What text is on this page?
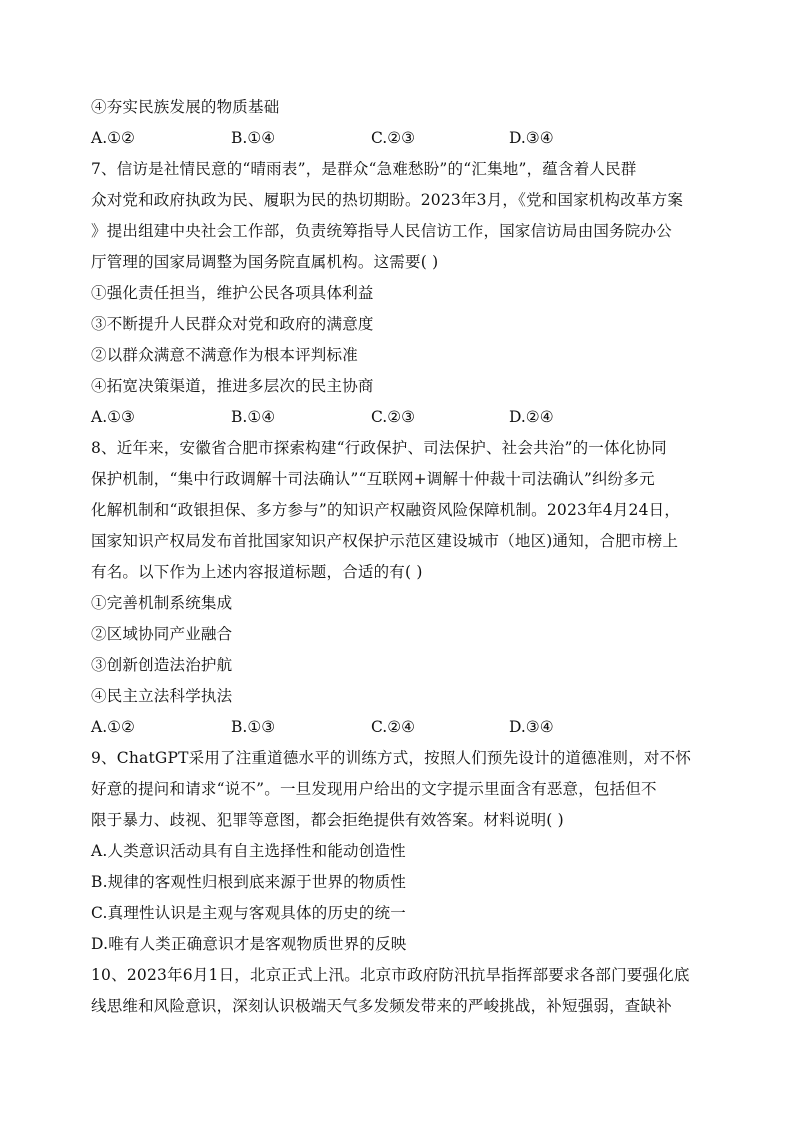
④夯实民族发展的物质基础
A.①②	B.①④	C.②③	D.③④
7、信访是社情民意的“晴雨表”，是群众“急难愁盼”的“汇集地”，蕴含着人民群
众对党和政府执政为民、履职为民的热切期盼。2023年3月，《党和国家机构改革方案
》提出组建中央社会工作部，负责统筹指导人民信访工作，国家信访局由国务院办公
厅管理的国家局调整为国务院直属机构。这需要( )
①强化责任担当，维护公民各项具体利益
③不断提升人民群众对党和政府的满意度
②以群众满意不满意作为根本评判标准
④拓宽决策渠道，推进多层次的民主协商
A.①③	B.①④	C.②③	D.②④
8、近年来，安徽省合肥市探索构建“行政保护、司法保护、社会共治”的一体化协同
保护机制，“集中行政调解十司法确认”“互联网+调解十仲裁十司法确认”纠纷多元
化解机制和“政银担保、多方参与”的知识产权融资风险保障机制。2023年4月24日，
国家知识产权局发布首批国家知识产权保护示范区建设城市（地区)通知，合肥市榜上
有名。以下作为上述内容报道标题，合适的有( )
①完善机制系统集成
②区域协同产业融合
③创新创造法治护航
④民主立法科学执法
A.①②	B.①③	C.②④	D.③④
9、ChatGPT采用了注重道德水平的训练方式，按照人们预先设计的道德准则，对不怀
好意的提问和请求“说不”。一旦发现用户给出的文字提示里面含有恶意，包括但不
限于暴力、歧视、犯罪等意图，都会拒绝提供有效答案。材料说明( )
A.人类意识活动具有自主选择性和能动创造性
B.规律的客观性归根到底来源于世界的物质性
C.真理性认识是主观与客观具体的历史的统一
D.唯有人类正确意识才是客观物质世界的反映
10、2023年6月1日，北京正式上汛。北京市政府防汛抗旱指挥部要求各部门要强化底
线思维和风险意识，深刻认识极端天气多发频发带来的严峻挑战，补短强弱，查缺补
